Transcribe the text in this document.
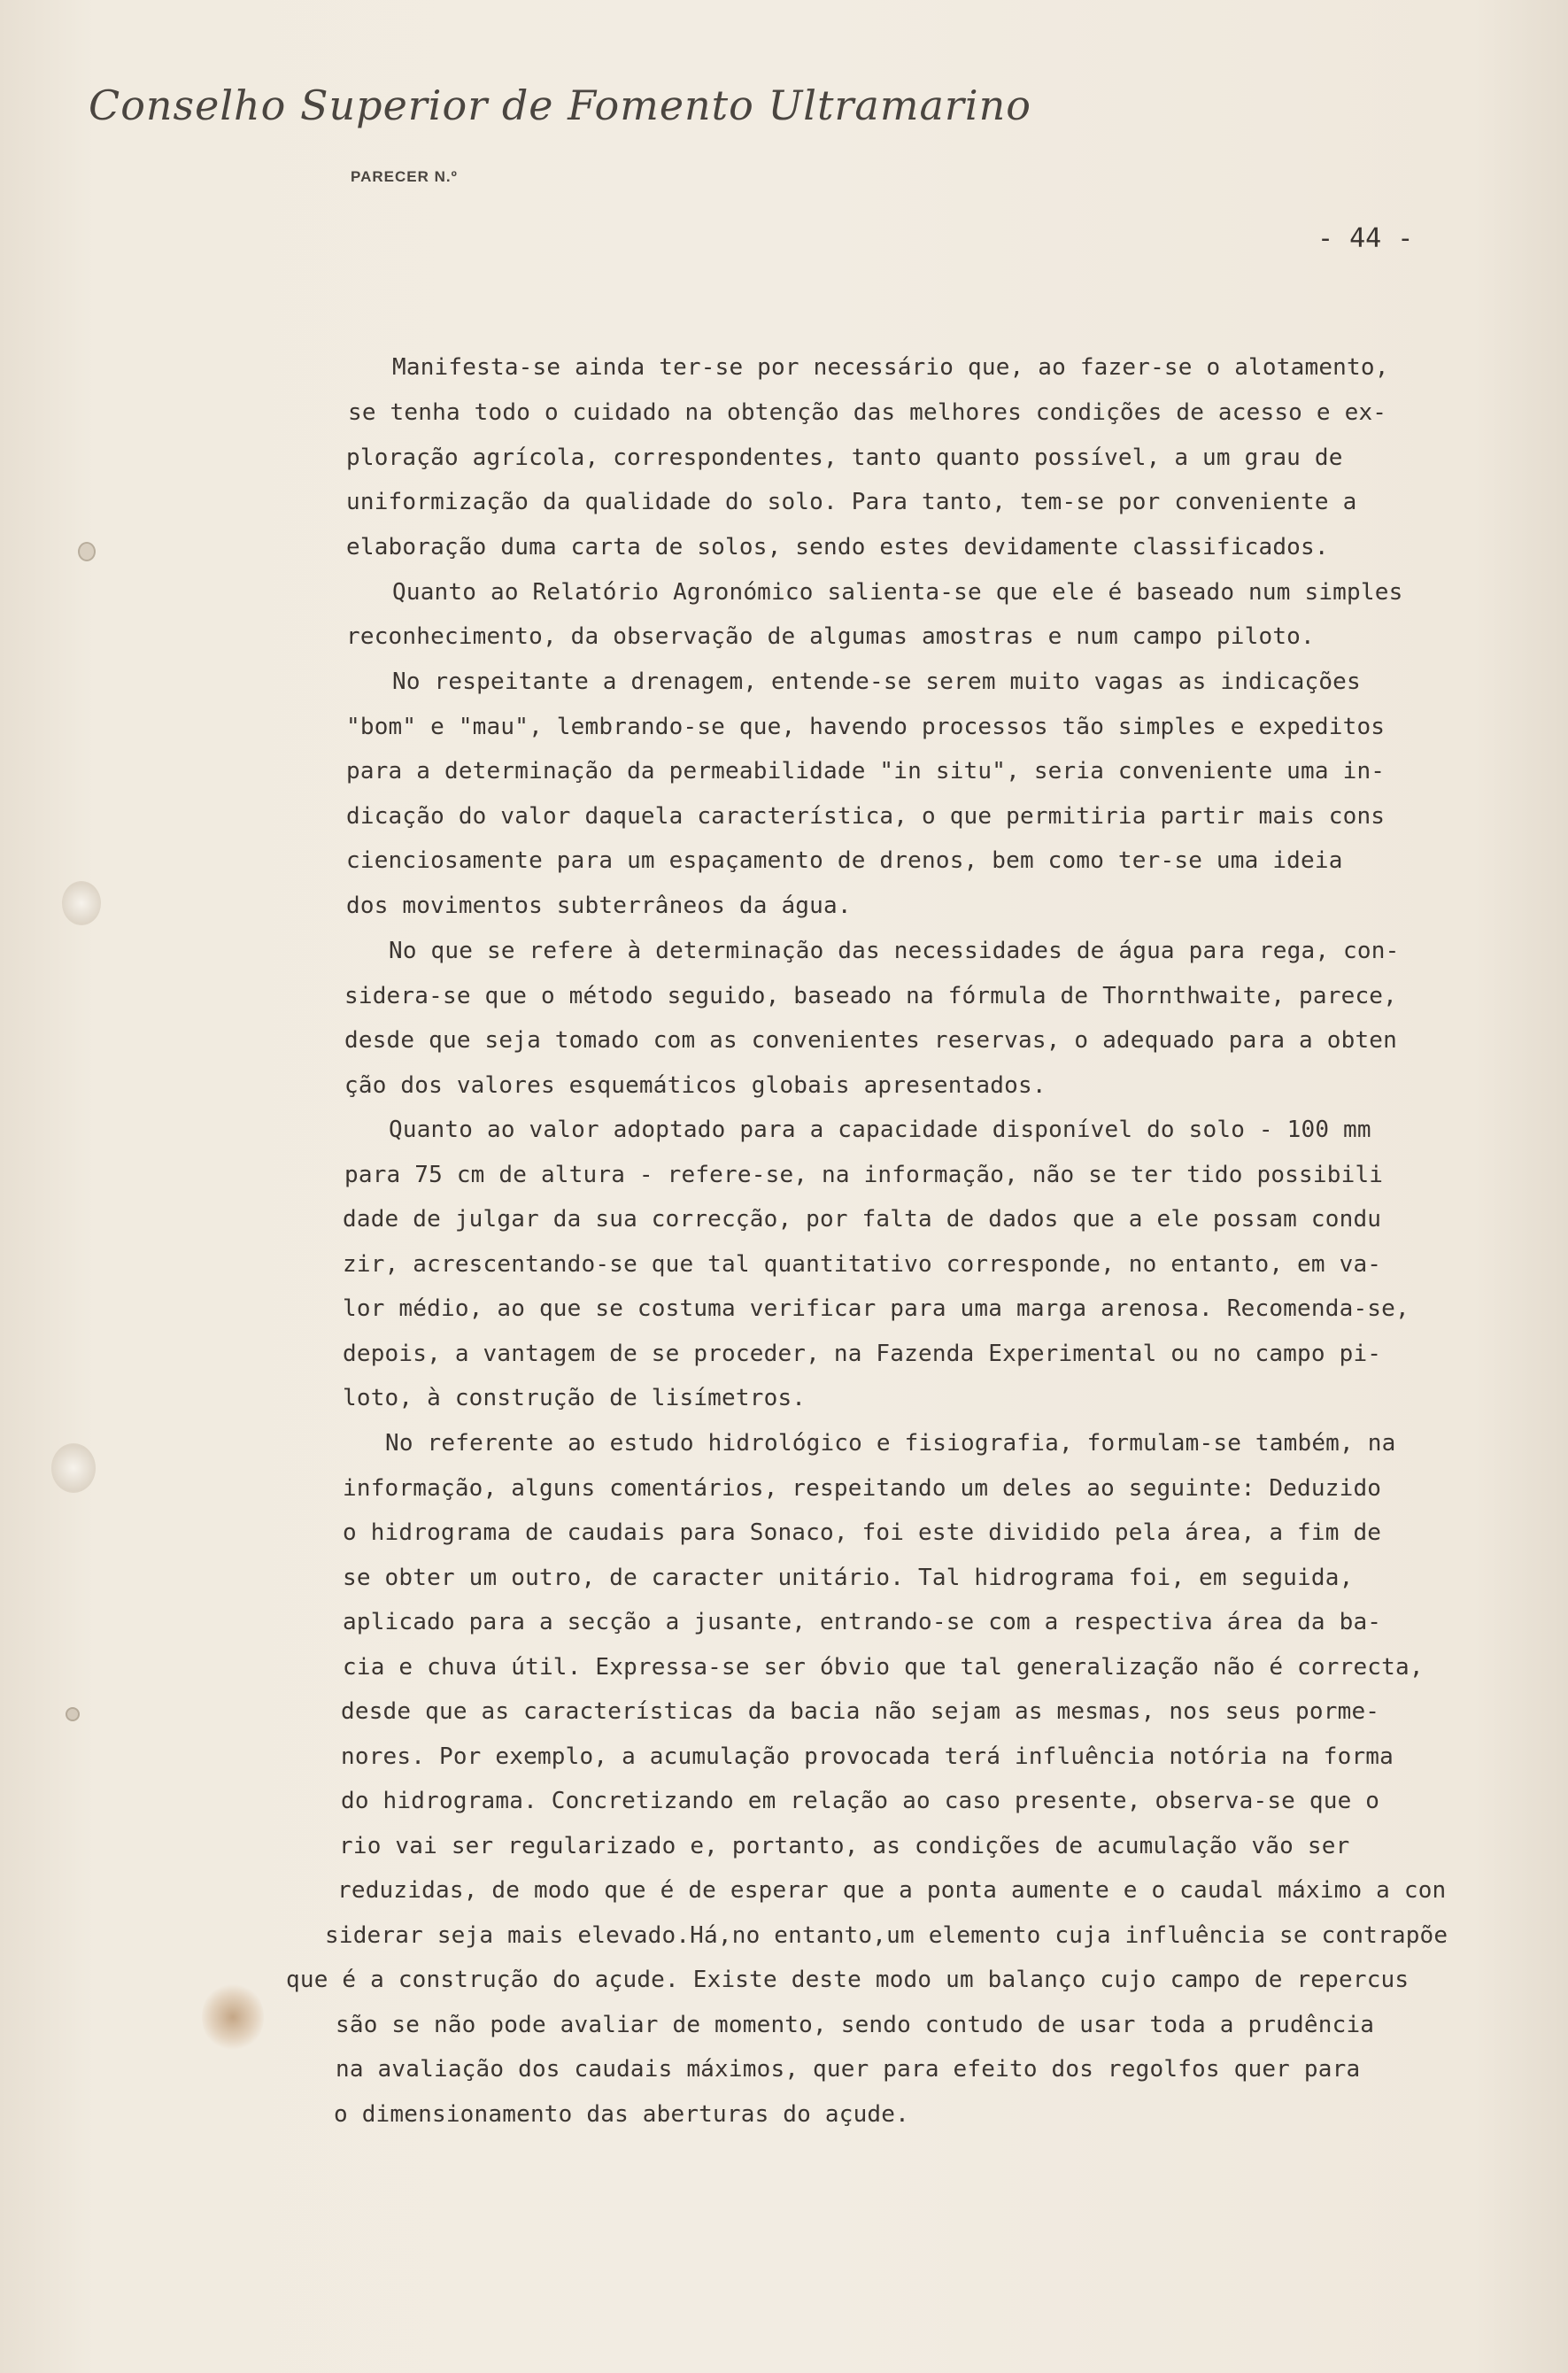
Conselho Superior de Fomento Ultramarino
PARECER N.º
- 44 -
Manifesta-se ainda ter-se por necessário que, ao fazer-se o alotamento,
se tenha todo o cuidado na obtenção das melhores condições de acesso e ex-
ploração agrícola, correspondentes, tanto quanto possível, a um grau de
uniformização da qualidade do solo. Para tanto, tem-se por conveniente a
elaboração duma carta de solos, sendo estes devidamente classificados.
Quanto ao Relatório Agronómico salienta-se que ele é baseado num simples
reconhecimento, da observação de algumas amostras e num campo piloto.
No respeitante a drenagem, entende-se serem muito vagas as indicações
"bom" e "mau", lembrando-se que, havendo processos tão simples e expeditos
para a determinação da permeabilidade "in situ", seria conveniente uma in-
dicação do valor daquela característica, o que permitiria partir mais cons
cienciosamente para um espaçamento de drenos, bem como ter-se uma ideia
dos movimentos subterrâneos da água.
No que se refere à determinação das necessidades de água para rega, con-
sidera-se que o método seguido, baseado na fórmula de Thornthwaite, parece,
desde que seja tomado com as convenientes reservas, o adequado para a obten
ção dos valores esquemáticos globais apresentados.
Quanto ao valor adoptado para a capacidade disponível do solo - 100 mm
para 75 cm de altura - refere-se, na informação, não se ter tido possibili
dade de julgar da sua correcção, por falta de dados que a ele possam condu
zir, acrescentando-se que tal quantitativo corresponde, no entanto, em va-
lor médio, ao que se costuma verificar para uma marga arenosa. Recomenda-se,
depois, a vantagem de se proceder, na Fazenda Experimental ou no campo pi-
loto, à construção de lisímetros.
No referente ao estudo hidrológico e fisiografia, formulam-se também, na
informação, alguns comentários, respeitando um deles ao seguinte: Deduzido
o hidrograma de caudais para Sonaco, foi este dividido pela área, a fim de
se obter um outro, de caracter unitário. Tal hidrograma foi, em seguida,
aplicado para a secção a jusante, entrando-se com a respectiva área da ba-
cia e chuva útil. Expressa-se ser óbvio que tal generalização não é correcta,
desde que as características da bacia não sejam as mesmas, nos seus porme-
nores. Por exemplo, a acumulação provocada terá influência notória na forma
do hidrograma. Concretizando em relação ao caso presente, observa-se que o
rio vai ser regularizado e, portanto, as condições de acumulação vão ser
reduzidas, de modo que é de esperar que a ponta aumente e o caudal máximo a con
siderar seja mais elevado.Há,no entanto,um elemento cuja influência se contrapõe
que é a construção do açude. Existe deste modo um balanço cujo campo de repercus
são se não pode avaliar de momento, sendo contudo de usar toda a prudência
na avaliação dos caudais máximos, quer para efeito dos regolfos quer para
o dimensionamento das aberturas do açude.
